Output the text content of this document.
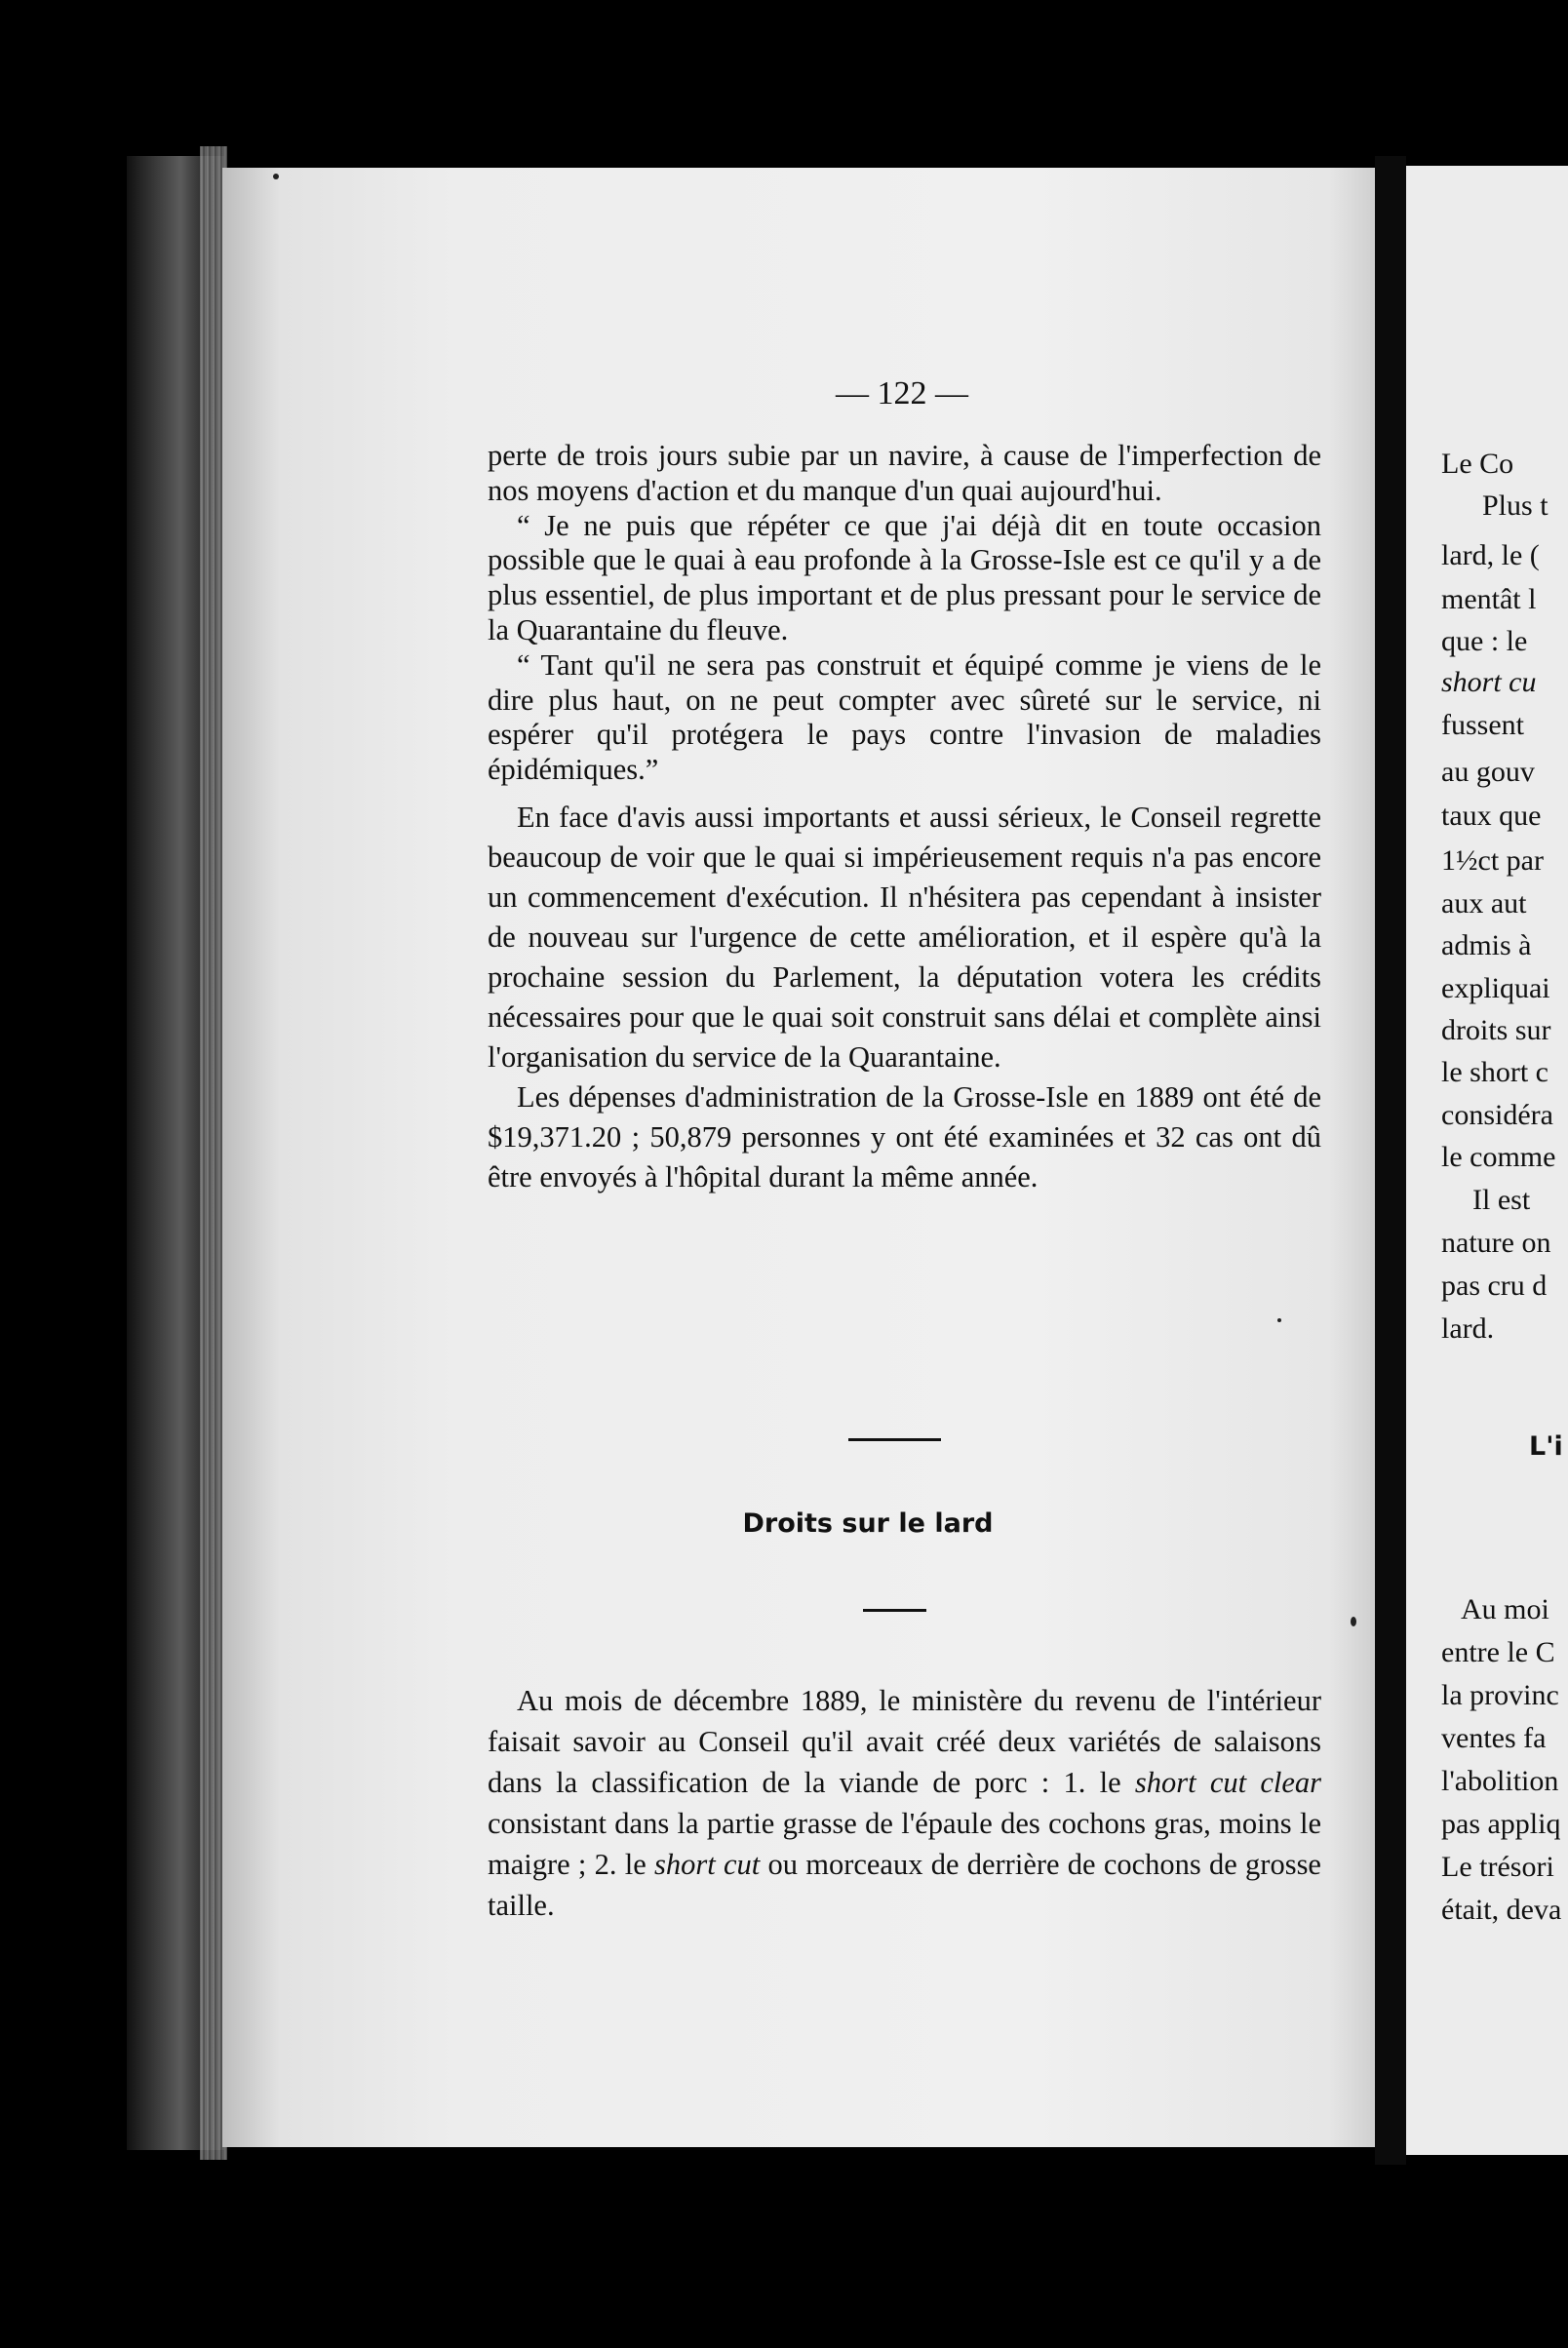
— 122 —

perte de trois jours subie par un navire, à cause de l'imperfection de nos moyens d'action et du manque d'un quai aujourd'hui.

“ Je ne puis que répéter ce que j'ai déjà dit en toute occasion possible que le quai à eau profonde à la Grosse-Isle est ce qu'il y a de plus essentiel, de plus important et de plus pressant pour le service de la Quarantaine du fleuve.

“ Tant qu'il ne sera pas construit et équipé comme je viens de le dire plus haut, on ne peut compter avec sûreté sur le service, ni espérer qu'il protégera le pays contre l'invasion de maladies épidémiques.”

En face d'avis aussi importants et aussi sérieux, le Conseil regrette beaucoup de voir que le quai si impérieusement requis n'a pas encore un commencement d'exécution. Il n'hésitera pas cependant à insister de nouveau sur l'urgence de cette amélioration, et il espère qu'à la prochaine session du Parlement, la députation votera les crédits nécessaires pour que le quai soit construit sans délai et complète ainsi l'organisation du service de la Quarantaine.

Les dépenses d'administration de la Grosse-Isle en 1889 ont été de $19,371.20 ; 50,879 personnes y ont été examinées et 32 cas ont dû être envoyés à l'hôpital durant la même année.

Droits sur le lard

Au mois de décembre 1889, le ministère du revenu de l'intérieur faisait savoir au Conseil qu'il avait créé deux variétés de salaisons dans la classification de la viande de porc : 1. le short cut clear consistant dans la partie grasse de l'épaule des cochons gras, moins le maigre ; 2. le short cut ou morceaux de derrière de cochons de grosse taille.

Le Co
Plus t
lard, le (
mentât l
que : le
short cu
fussent
au gouv
taux que
1½ct par
aux aut
admis à
expliquai
droits sur
le short c
considéra
le comme
Il est
nature on
pas cru d
lard.
L'i
Au moi
entre le C
la provinc
ventes fa
l'abolition
pas appliq
Le trésori
était, deva
